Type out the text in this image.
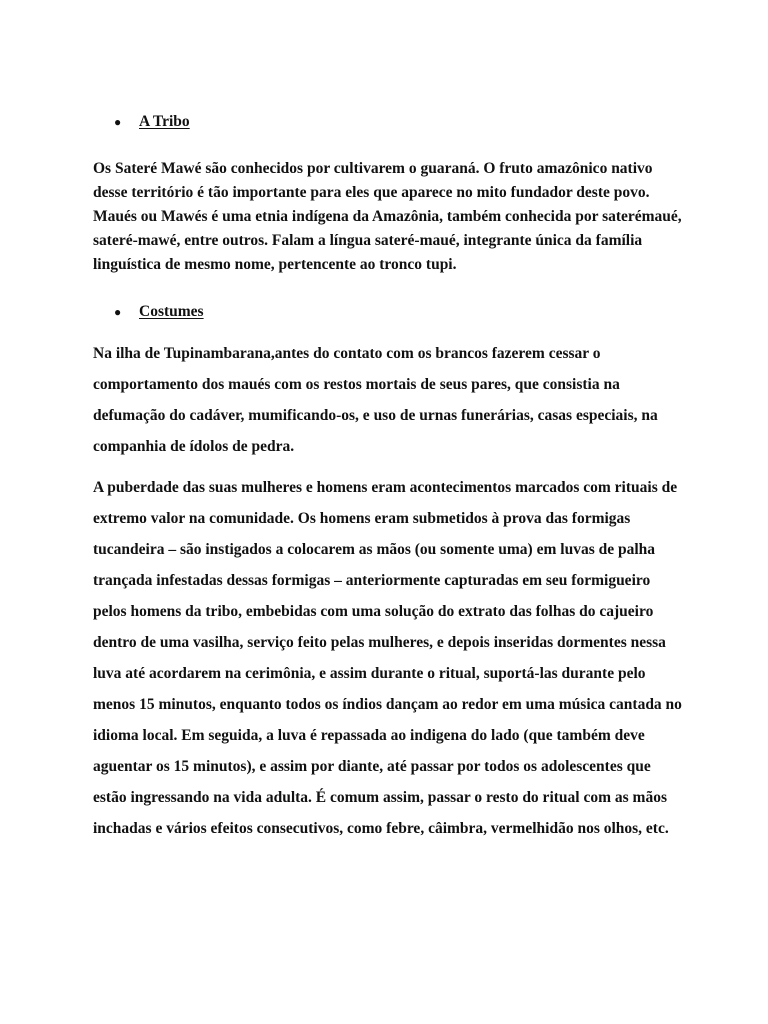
● A Tribo

Os Sateré Mawé são conhecidos por cultivarem o guaraná. O fruto amazônico nativo desse território é tão importante para eles que aparece no mito fundador deste povo. Maués ou Mawés é uma etnia indígena da Amazônia, também conhecida por saterémaué, sateré-mawé, entre outros. Falam a língua sateré-maué, integrante única da família linguística de mesmo nome, pertencente ao tronco tupi.

● Costumes

Na ilha de Tupinambarana,antes do contato com os brancos fazerem cessar o comportamento dos maués com os restos mortais de seus pares, que consistia na defumação do cadáver, mumificando-os, e uso de urnas funerárias, casas especiais, na companhia de ídolos de pedra.

A puberdade das suas mulheres e homens eram acontecimentos marcados com rituais de extremo valor na comunidade. Os homens eram submetidos à prova das formigas tucandeira – são instigados a colocarem as mãos (ou somente uma) em luvas de palha trançada infestadas dessas formigas – anteriormente capturadas em seu formigueiro pelos homens da tribo, embebidas com uma solução do extrato das folhas do cajueiro dentro de uma vasilha, serviço feito pelas mulheres, e depois inseridas dormentes nessa luva até acordarem na cerimônia, e assim durante o ritual, suportá-las durante pelo menos 15 minutos, enquanto todos os índios dançam ao redor em uma música cantada no idioma local. Em seguida, a luva é repassada ao indigena do lado (que também deve aguentar os 15 minutos), e assim por diante, até passar por todos os adolescentes que estão ingressando na vida adulta. É comum assim, passar o resto do ritual com as mãos inchadas e vários efeitos consecutivos, como febre, câimbra, vermelhidão nos olhos, etc.
